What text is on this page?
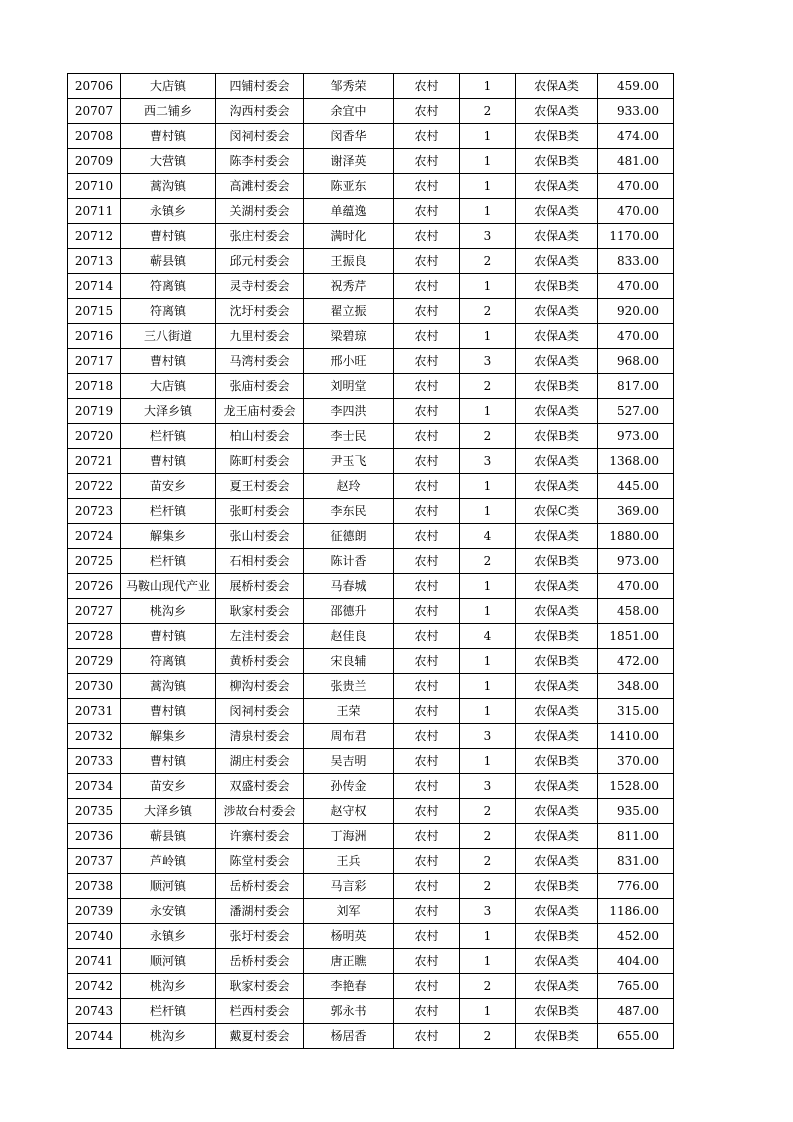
20706	大店镇	四铺村委会	邹秀荣	农村	1	农保A类	459.00
20707	西二铺乡	沟西村委会	余宜中	农村	2	农保A类	933.00
20708	曹村镇	闵祠村委会	闵香华	农村	1	农保B类	474.00
20709	大营镇	陈李村委会	谢泽英	农村	1	农保B类	481.00
20710	蒿沟镇	高滩村委会	陈亚东	农村	1	农保A类	470.00
20711	永镇乡	关湖村委会	单蕴逸	农村	1	农保A类	470.00
20712	曹村镇	张庄村委会	满时化	农村	3	农保A类	1170.00
20713	蕲县镇	邱元村委会	王振良	农村	2	农保A类	833.00
20714	符离镇	灵寺村委会	祝秀芹	农村	1	农保B类	470.00
20715	符离镇	沈圩村委会	翟立振	农村	2	农保A类	920.00
20716	三八街道	九里村委会	梁碧琼	农村	1	农保A类	470.00
20717	曹村镇	马湾村委会	邢小旺	农村	3	农保A类	968.00
20718	大店镇	张庙村委会	刘明堂	农村	2	农保B类	817.00
20719	大泽乡镇	龙王庙村委会	李四洪	农村	1	农保A类	527.00
20720	栏杆镇	柏山村委会	李士民	农村	2	农保B类	973.00
20721	曹村镇	陈町村委会	尹玉飞	农村	3	农保A类	1368.00
20722	苗安乡	夏王村委会	赵玲	农村	1	农保A类	445.00
20723	栏杆镇	张町村委会	李东民	农村	1	农保C类	369.00
20724	解集乡	张山村委会	征德朗	农村	4	农保A类	1880.00
20725	栏杆镇	石相村委会	陈计香	农村	2	农保B类	973.00
20726	马鞍山现代产业	展桥村委会	马春城	农村	1	农保A类	470.00
20727	桃沟乡	耿家村委会	邵德升	农村	1	农保A类	458.00
20728	曹村镇	左洼村委会	赵佳良	农村	4	农保B类	1851.00
20729	符离镇	黄桥村委会	宋良辅	农村	1	农保B类	472.00
20730	蒿沟镇	柳沟村委会	张贵兰	农村	1	农保A类	348.00
20731	曹村镇	闵祠村委会	王荣	农村	1	农保A类	315.00
20732	解集乡	清泉村委会	周布君	农村	3	农保A类	1410.00
20733	曹村镇	湖庄村委会	吴吉明	农村	1	农保B类	370.00
20734	苗安乡	双盛村委会	孙传金	农村	3	农保A类	1528.00
20735	大泽乡镇	涉故台村委会	赵守权	农村	2	农保A类	935.00
20736	蕲县镇	许寨村委会	丁海洲	农村	2	农保A类	811.00
20737	芦岭镇	陈堂村委会	王兵	农村	2	农保A类	831.00
20738	顺河镇	岳桥村委会	马言彩	农村	2	农保B类	776.00
20739	永安镇	潘湖村委会	刘军	农村	3	农保A类	1186.00
20740	永镇乡	张圩村委会	杨明英	农村	1	农保B类	452.00
20741	顺河镇	岳桥村委会	唐正瞧	农村	1	农保A类	404.00
20742	桃沟乡	耿家村委会	李艳春	农村	2	农保A类	765.00
20743	栏杆镇	栏西村委会	郭永书	农村	1	农保B类	487.00
20744	桃沟乡	戴夏村委会	杨居香	农村	2	农保B类	655.00
